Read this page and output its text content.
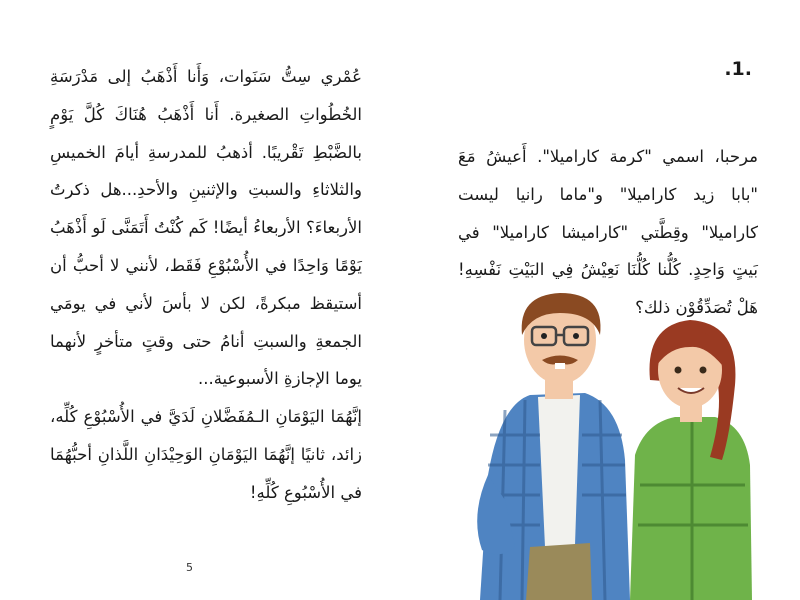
عُمْري سِتُّ سَنَوات، وَأَنا أَذْهَبُ إلى مَدْرَسَةِ الخُطُواتِ الصغيرة. أَنا أَذْهَبُ هُنَاكَ كُلَّ يَوْمٍ بالضَّبْطِ تَقْريبًا. أذهبُ للمدرسةِ أيامَ الخميسِ والثلاثاءِ والسبتِ والإثنينِ والأحدِ...هل ذكرتُ الأربعاءَ؟ الأربعاءُ أيضًا! كَم كُنْتُ أَتَمَنَّى لَو أَذْهَبُ يَوْمًا وَاحِدًا في الأُسْبُوْعِ فَقَط، لأنني لا أحبُّ أن أستيقظ مبكرةً، لكن لا بأسَ لأني في يومَي الجمعةِ والسبتِ أنامُ حتى وقتٍ متأخرٍ لأنهما يوما الإجازةِ الأسبوعية...

إنَّهُمَا اليَوْمَانِ الـمُفَضَّلانِ لَدَيَّ في الأُسْبُوْعِ كُلِّه، زائد، ثانيًا إنَّهُمَا اليَوْمَانِ الوَحِيْدَانِ اللَّذانِ أحبُّهُمَا في الأُسْبُوعِ كُلِّهِ!

5
.1.

مرحبا، اسمي "كرمة كاراميلا". أَعيشُ مَعَ "بابا زيد كاراميلا" و"ماما رانيا ليست كاراميلا" وقِطَّتي "كاراميشا كاراميلا" في بَيتٍ وَاحِدٍ. كُلُّنا كُلُّنَا نَعِيْشُ فِي البَيْتِ نَفْسِهِ! هَلْ تُصَدِّقُوْن ذلك؟
